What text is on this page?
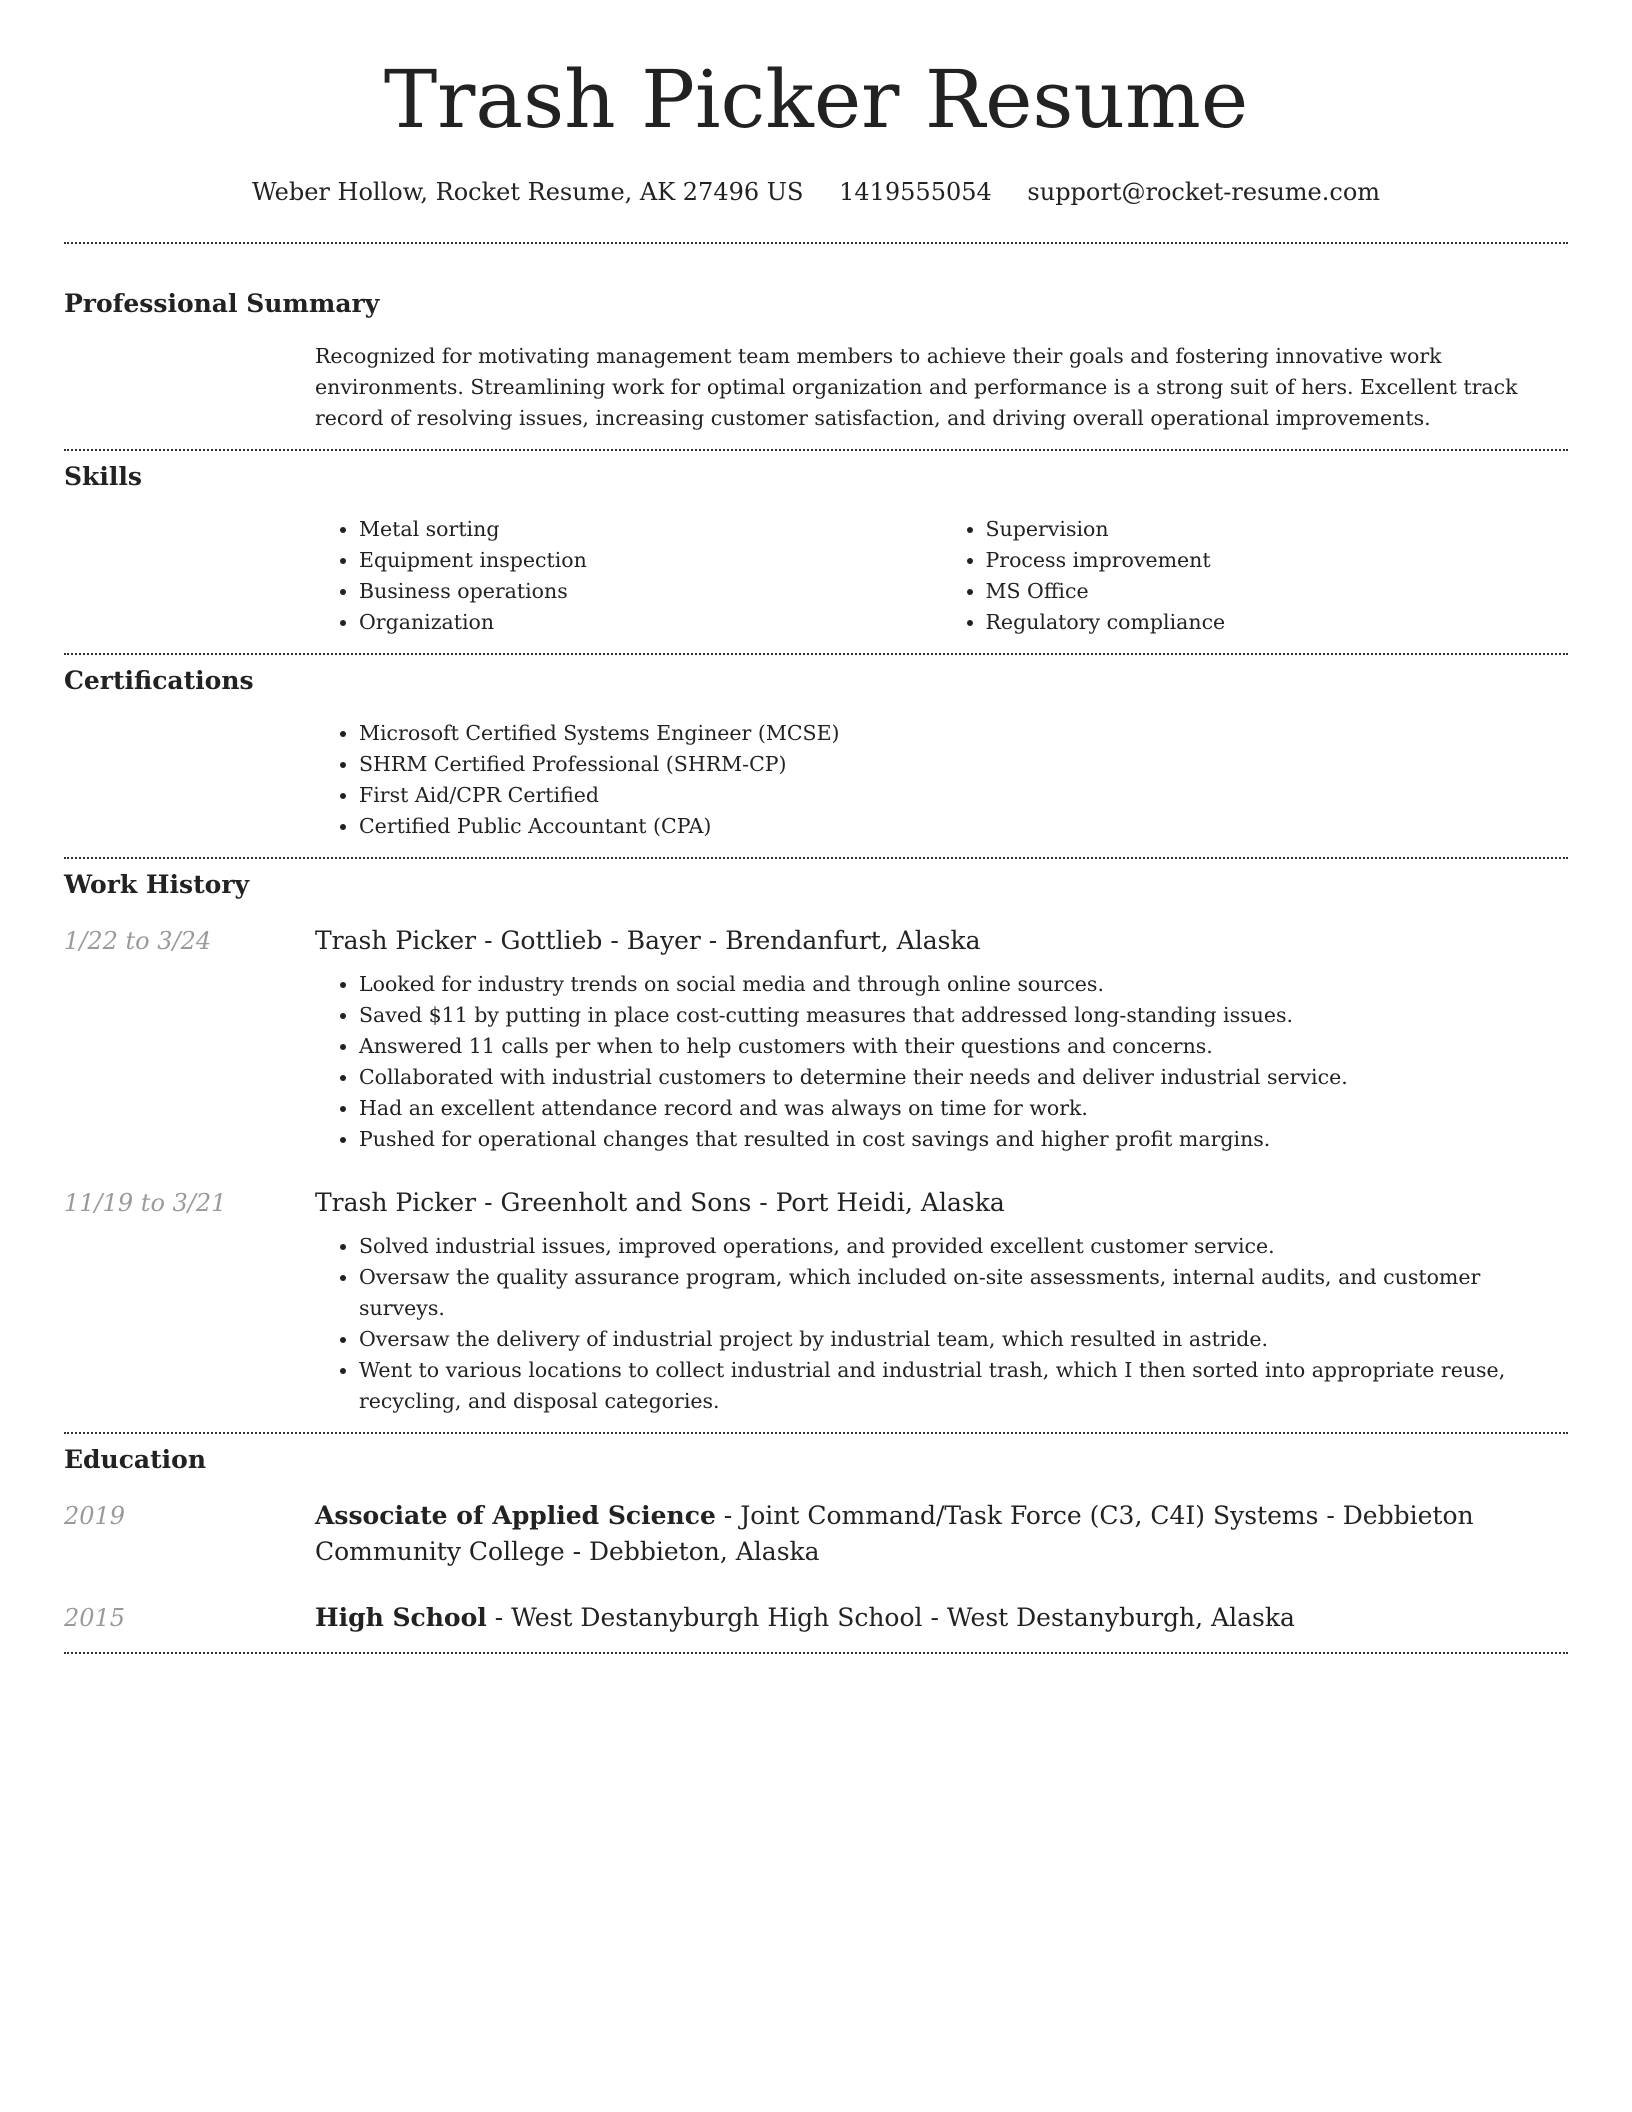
Trash Picker Resume
Weber Hollow, Rocket Resume, AK 27496 US 1419555054 support@rocket-resume.com
Professional Summary

Recognized for motivating management team members to achieve their goals and fostering innovative work environments. Streamlining work for optimal organization and performance is a strong suit of hers. Excellent track record of resolving issues, increasing customer satisfaction, and driving overall operational improvements.

Skills
• Metal sorting
• Equipment inspection
• Business operations
• Organization
• Supervision
• Process improvement
• MS Office
• Regulatory compliance
Certifications
• Microsoft Certified Systems Engineer (MCSE)
• SHRM Certified Professional (SHRM-CP)
• First Aid/CPR Certified
• Certified Public Accountant (CPA)
Work History
1/22 to 3/24	Trash Picker - Gottlieb - Bayer - Brendanfurt, Alaska
• Looked for industry trends on social media and through online sources.
• Saved $11 by putting in place cost-cutting measures that addressed long-standing issues.
• Answered 11 calls per when to help customers with their questions and concerns.
• Collaborated with industrial customers to determine their needs and deliver industrial service.
• Had an excellent attendance record and was always on time for work.
• Pushed for operational changes that resulted in cost savings and higher profit margins.
11/19 to 3/21	Trash Picker - Greenholt and Sons - Port Heidi, Alaska
• Solved industrial issues, improved operations, and provided excellent customer service.
• Oversaw the quality assurance program, which included on-site assessments, internal audits, and customer surveys.
• Oversaw the delivery of industrial project by industrial team, which resulted in astride.
• Went to various locations to collect industrial and industrial trash, which I then sorted into appropriate reuse, recycling, and disposal categories.
Education
2019	Associate of Applied Science - Joint Command/Task Force (C3, C4I) Systems - Debbieton Community College - Debbieton, Alaska
2015	High School - West Destanyburgh High School - West Destanyburgh, Alaska
